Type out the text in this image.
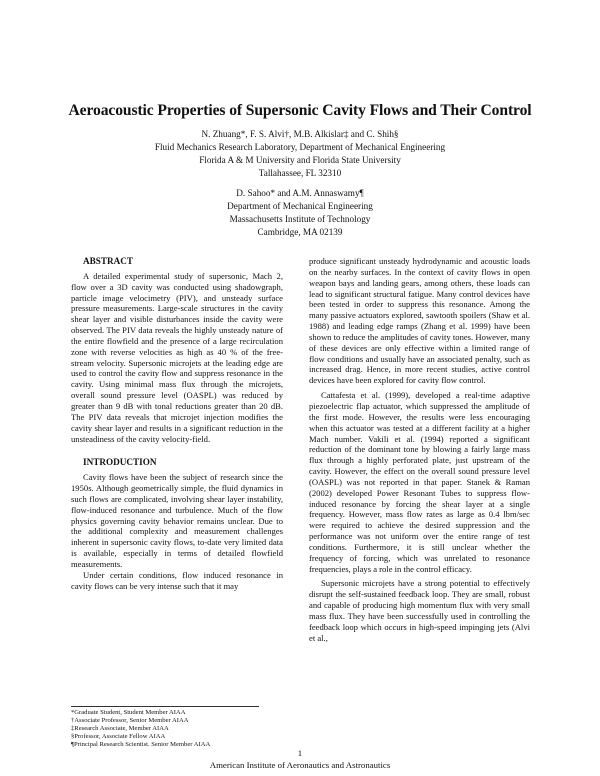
Aeroacoustic Properties of Supersonic Cavity Flows and Their Control
N. Zhuang*, F. S. Alvi†, M.B. Alkislar‡ and C. Shih§
Fluid Mechanics Research Laboratory, Department of Mechanical Engineering
Florida A & M University and Florida State University
Tallahassee, FL 32310
D. Sahoo* and A.M. Annaswamy¶
Department of Mechanical Engineering
Massachusetts Institute of Technology
Cambridge, MA 02139

ABSTRACT

A detailed experimental study of supersonic, Mach 2, flow over a 3D cavity was conducted using shadowgraph, particle image velocimetry (PIV), and unsteady surface pressure measurements. Large-scale structures in the cavity shear layer and visible disturbances inside the cavity were observed. The PIV data reveals the highly unsteady nature of the entire flowfield and the presence of a large recirculation zone with reverse velocities as high as 40 % of the free-stream velocity. Supersonic microjets at the leading edge are used to control the cavity flow and suppress resonance in the cavity. Using minimal mass flux through the microjets, overall sound pressure level (OASPL) was reduced by greater than 9 dB with tonal reductions greater than 20 dB. The PIV data reveals that microjet injection modifies the cavity shear layer and results in a significant reduction in the unsteadiness of the cavity velocity-field.

INTRODUCTION

Cavity flows have been the subject of research since the 1950s. Although geometrically simple, the fluid dynamics in such flows are complicated, involving shear layer instability, flow-induced resonance and turbulence. Much of the flow physics governing cavity behavior remains unclear. Due to the additional complexity and measurement challenges inherent in supersonic cavity flows, to-date very limited data is available, especially in terms of detailed flowfield measurements.

Under certain conditions, flow induced resonance in cavity flows can be very intense such that it may

*Graduate Student, Student Member AIAA
†Associate Professor, Senior Member AIAA
‡Research Associate, Member AIAA
§Professor, Associate Fellow AIAA
¶Principal Research Scientist. Senior Member AIAA

produce significant unsteady hydrodynamic and acoustic loads on the nearby surfaces. In the context of cavity flows in open weapon bays and landing gears, among others, these loads can lead to significant structural fatigue. Many control devices have been tested in order to suppress this resonance. Among the many passive actuators explored, sawtooth spoilers (Shaw et al. 1988) and leading edge ramps (Zhang et al. 1999) have been shown to reduce the amplitudes of cavity tones. However, many of these devices are only effective within a limited range of flow conditions and usually have an associated penalty, such as increased drag. Hence, in more recent studies, active control devices have been explored for cavity flow control.

Cattafesta et al. (1999), developed a real-time adaptive piezoelectric flap actuator, which suppressed the amplitude of the first mode. However, the results were less encouraging when this actuator was tested at a different facility at a higher Mach number. Vakili et al. (1994) reported a significant reduction of the dominant tone by blowing a fairly large mass flux through a highly perforated plate, just upstream of the cavity. However, the effect on the overall sound pressure level (OASPL) was not reported in that paper. Stanek & Raman (2002) developed Power Resonant Tubes to suppress flow-induced resonance by forcing the shear layer at a single frequency. However, mass flow rates as large as 0.4 lbm/sec were required to achieve the desired suppression and the performance was not uniform over the entire range of test conditions. Furthermore, it is still unclear whether the frequency of forcing, which was unrelated to resonance frequencies, plays a role in the control efficacy.

Supersonic microjets have a strong potential to effectively disrupt the self-sustained feedback loop. They are small, robust and capable of producing high momentum flux with very small mass flux. They have been successfully used in controlling the feedback loop which occurs in high-speed impinging jets (Alvi et al.,

1
American Institute of Aeronautics and Astronautics
